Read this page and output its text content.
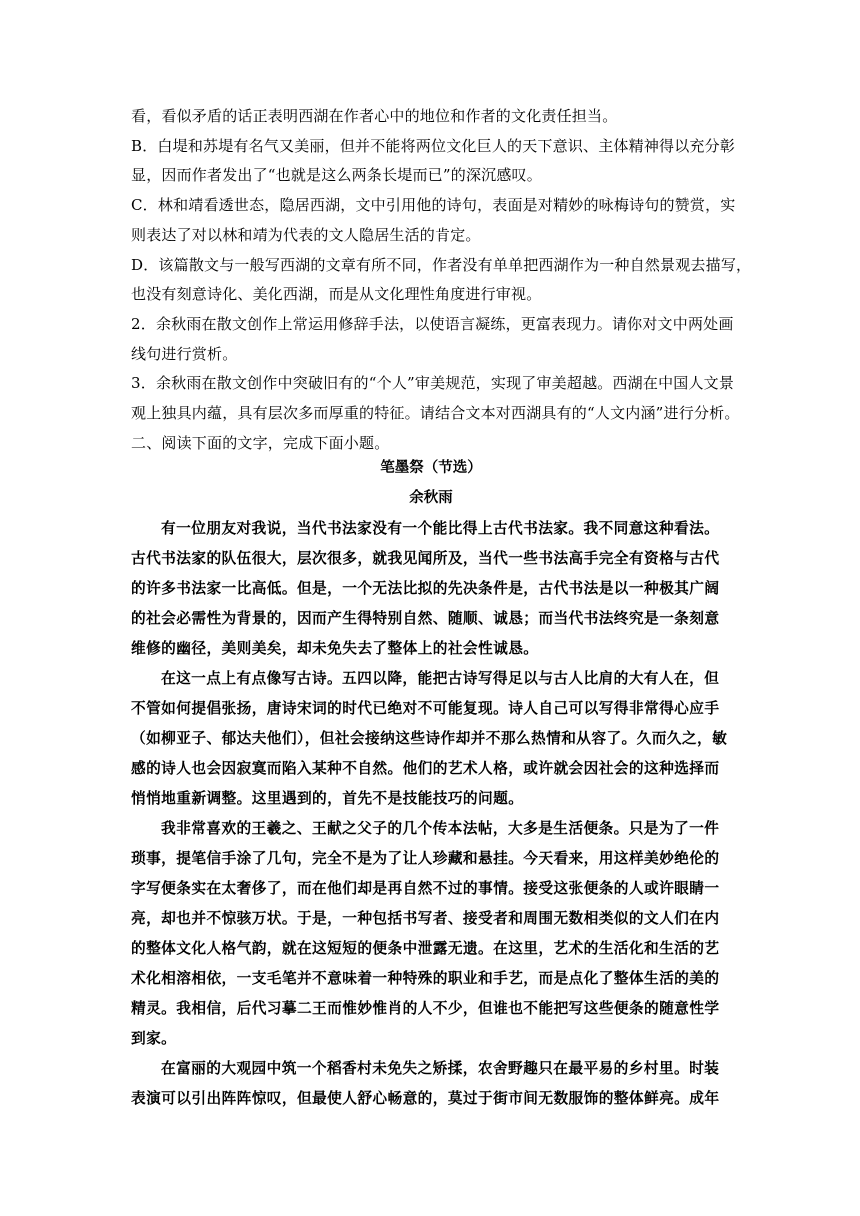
看，看似矛盾的话正表明西湖在作者心中的地位和作者的文化责任担当。
B．白堤和苏堤有名气又美丽，但并不能将两位文化巨人的天下意识、主体精神得以充分彰
显，因而作者发出了“也就是这么两条长堤而已”的深沉感叹。
C．林和靖看透世态，隐居西湖，文中引用他的诗句，表面是对精妙的咏梅诗句的赞赏，实
则表达了对以林和靖为代表的文人隐居生活的肯定。
D．该篇散文与一般写西湖的文章有所不同，作者没有单单把西湖作为一种自然景观去描写，
也没有刻意诗化、美化西湖，而是从文化理性角度进行审视。
2．余秋雨在散文创作上常运用修辞手法，以使语言凝练，更富表现力。请你对文中两处画
线句进行赏析。
3．余秋雨在散文创作中突破旧有的“个人”审美规范，实现了审美超越。西湖在中国人文景
观上独具内蕴，具有层次多而厚重的特征。请结合文本对西湖具有的“人文内涵”进行分析。
二、阅读下面的文字，完成下面小题。
笔墨祭（节选）
余秋雨
有一位朋友对我说，当代书法家没有一个能比得上古代书法家。我不同意这种看法。
古代书法家的队伍很大，层次很多，就我见闻所及，当代一些书法高手完全有资格与古代
的许多书法家一比高低。但是，一个无法比拟的先决条件是，古代书法是以一种极其广阔
的社会必需性为背景的，因而产生得特别自然、随顺、诚恳；而当代书法终究是一条刻意
维修的幽径，美则美矣，却未免失去了整体上的社会性诚恳。
在这一点上有点像写古诗。五四以降，能把古诗写得足以与古人比肩的大有人在，但
不管如何提倡张扬，唐诗宋词的时代已绝对不可能复现。诗人自己可以写得非常得心应手
（如柳亚子、郁达夫他们），但社会接纳这些诗作却并不那么热情和从容了。久而久之，敏
感的诗人也会因寂寞而陷入某种不自然。他们的艺术人格，或许就会因社会的这种选择而
悄悄地重新调整。这里遇到的，首先不是技能技巧的问题。
我非常喜欢的王羲之、王献之父子的几个传本法帖，大多是生活便条。只是为了一件
琐事，提笔信手涂了几句，完全不是为了让人珍藏和悬挂。今天看来，用这样美妙绝伦的
字写便条实在太奢侈了，而在他们却是再自然不过的事情。接受这张便条的人或许眼睛一
亮，却也并不惊骇万状。于是，一种包括书写者、接受者和周围无数相类似的文人们在内
的整体文化人格气韵，就在这短短的便条中泄露无遗。在这里，艺术的生活化和生活的艺
术化相溶相依，一支毛笔并不意味着一种特殊的职业和手艺，而是点化了整体生活的美的
精灵。我相信，后代习摹二王而惟妙惟肖的人不少，但谁也不能把写这些便条的随意性学
到家。
在富丽的大观园中筑一个稻香村未免失之矫揉，农舍野趣只在最平易的乡村里。时装
表演可以引出阵阵惊叹，但最使人舒心畅意的，莫过于街市间无数服饰的整体鲜亮。成年
